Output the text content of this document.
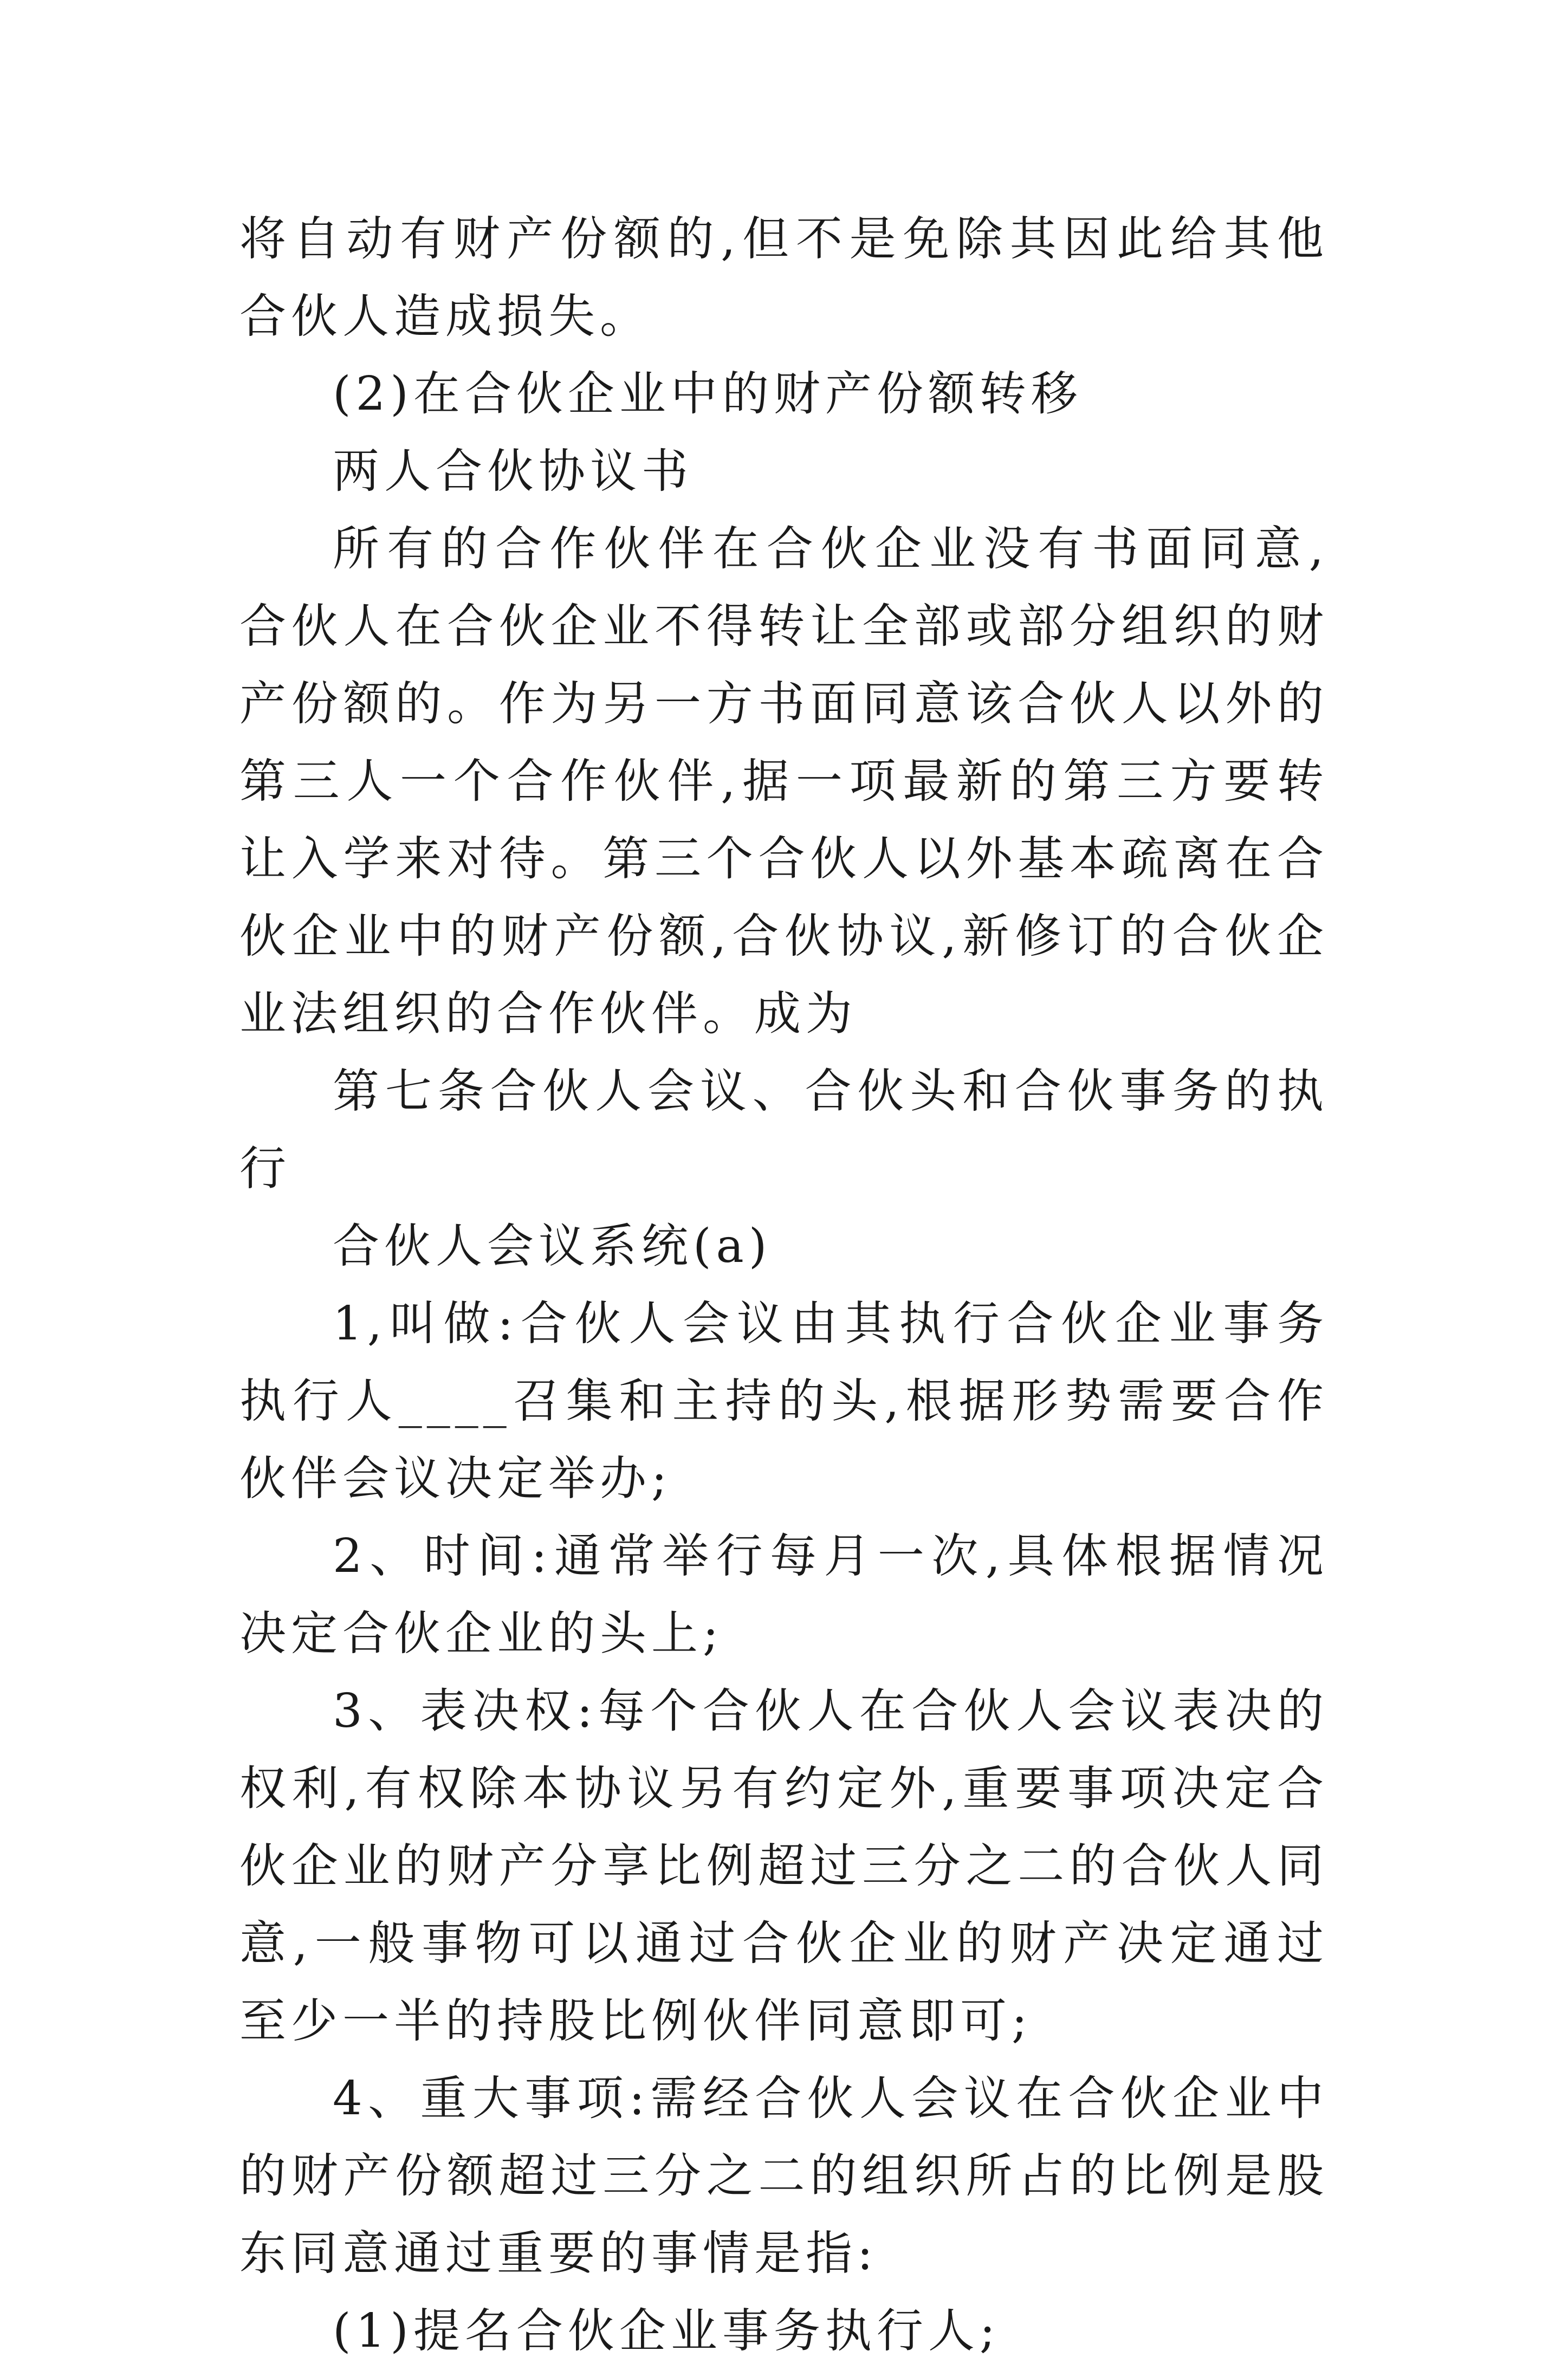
将自动有财产份额的,但不是免除其因此给其他合伙人造成损失。

(2)在合伙企业中的财产份额转移

两人合伙协议书

所有的合作伙伴在合伙企业没有书面同意,合伙人在合伙企业不得转让全部或部分组织的财产份额的。作为另一方书面同意该合伙人以外的第三人一个合作伙伴,据一项最新的第三方要转让入学来对待。第三个合伙人以外基本疏离在合伙企业中的财产份额,合伙协议,新修订的合伙企业法组织的合作伙伴。成为

第七条合伙人会议、合伙头和合伙事务的执行

合伙人会议系统(a)

1,叫做:合伙人会议由其执行合伙企业事务执行人____召集和主持的头,根据形势需要合作伙伴会议决定举办;

2、时间:通常举行每月一次,具体根据情况决定合伙企业的头上;

3、表决权:每个合伙人在合伙人会议表决的权利,有权除本协议另有约定外,重要事项决定合伙企业的财产分享比例超过三分之二的合伙人同意,一般事物可以通过合伙企业的财产决定通过至少一半的持股比例伙伴同意即可;

4、重大事项:需经合伙人会议在合伙企业中的财产份额超过三分之二的组织所占的比例是股东同意通过重要的事情是指:

(1)提名合伙企业事务执行人;
